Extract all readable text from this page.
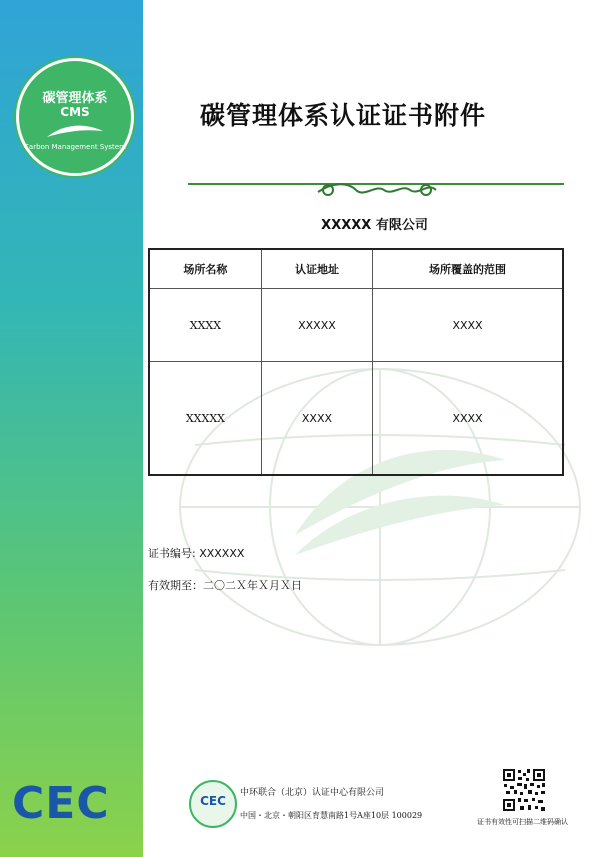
碳管理体系
CMS
Carbon Management System
CEC
碳管理体系认证证书附件
XXXXX 有限公司
场所名称	认证地址	场所覆盖的范围
XXXX	XXXXX	XXXX
XXXXX	XXXX	XXXX
证书编号: XXXXXX
有效期至：二〇二Ｘ年Ｘ月Ｘ日
CEC
中环联合（北京）认证中心有限公司
中国・北京・朝阳区育慧南路1号A座10层 100029
证书有效性可扫描二维码确认
